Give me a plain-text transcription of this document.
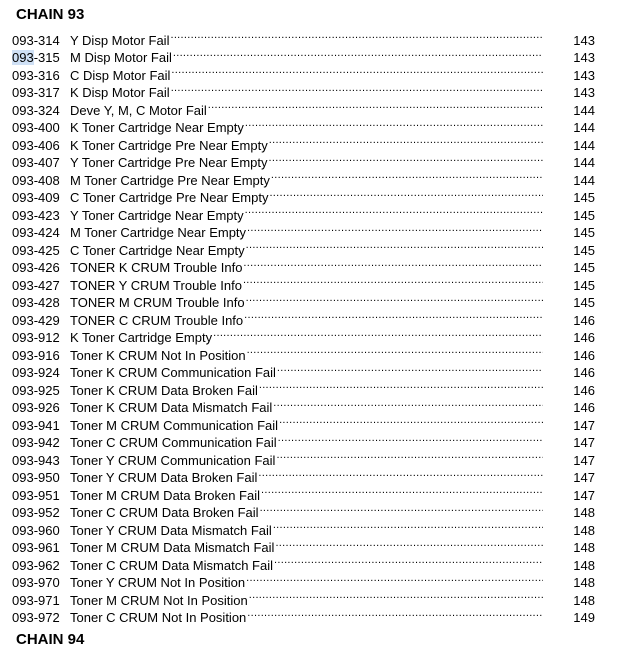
CHAIN 93
093-314 Y Disp Motor Fail .....	143
093-315 M Disp Motor Fail .....	143
093-316 C Disp Motor Fail .....	143
093-317 K Disp Motor Fail .....	143
093-324 Deve Y, M, C Motor Fail .....	144
093-400 K Toner Cartridge Near Empty .....	144
093-406 K Toner Cartridge Pre Near Empty .....	144
093-407 Y Toner Cartridge Pre Near Empty .....	144
093-408 M Toner Cartridge Pre Near Empty .....	144
093-409 C Toner Cartridge Pre Near Empty .....	145
093-423 Y Toner Cartridge Near Empty .....	145
093-424 M Toner Cartridge Near Empty .....	145
093-425 C Toner Cartridge Near Empty .....	145
093-426 TONER K CRUM Trouble Info .....	145
093-427 TONER Y CRUM Trouble Info .....	145
093-428 TONER M CRUM Trouble Info .....	145
093-429 TONER C CRUM Trouble Info .....	146
093-912 K Toner Cartridge Empty .....	146
093-916 Toner K CRUM Not In Position .....	146
093-924 Toner K CRUM Communication Fail .....	146
093-925 Toner K CRUM Data Broken Fail .....	146
093-926 Toner K CRUM Data Mismatch Fail .....	146
093-941 Toner M CRUM Communication Fail .....	147
093-942 Toner C CRUM Communication Fail .....	147
093-943 Toner Y CRUM Communication Fail .....	147
093-950 Toner Y CRUM Data Broken Fail .....	147
093-951 Toner M CRUM Data Broken Fail .....	147
093-952 Toner C CRUM Data Broken Fail .....	148
093-960 Toner Y CRUM Data Mismatch Fail .....	148
093-961 Toner M CRUM Data Mismatch Fail .....	148
093-962 Toner C CRUM Data Mismatch Fail .....	148
093-970 Toner Y CRUM Not In Position .....	148
093-971 Toner M CRUM Not In Position .....	148
093-972 Toner C CRUM Not In Position .....	149
CHAIN 94
